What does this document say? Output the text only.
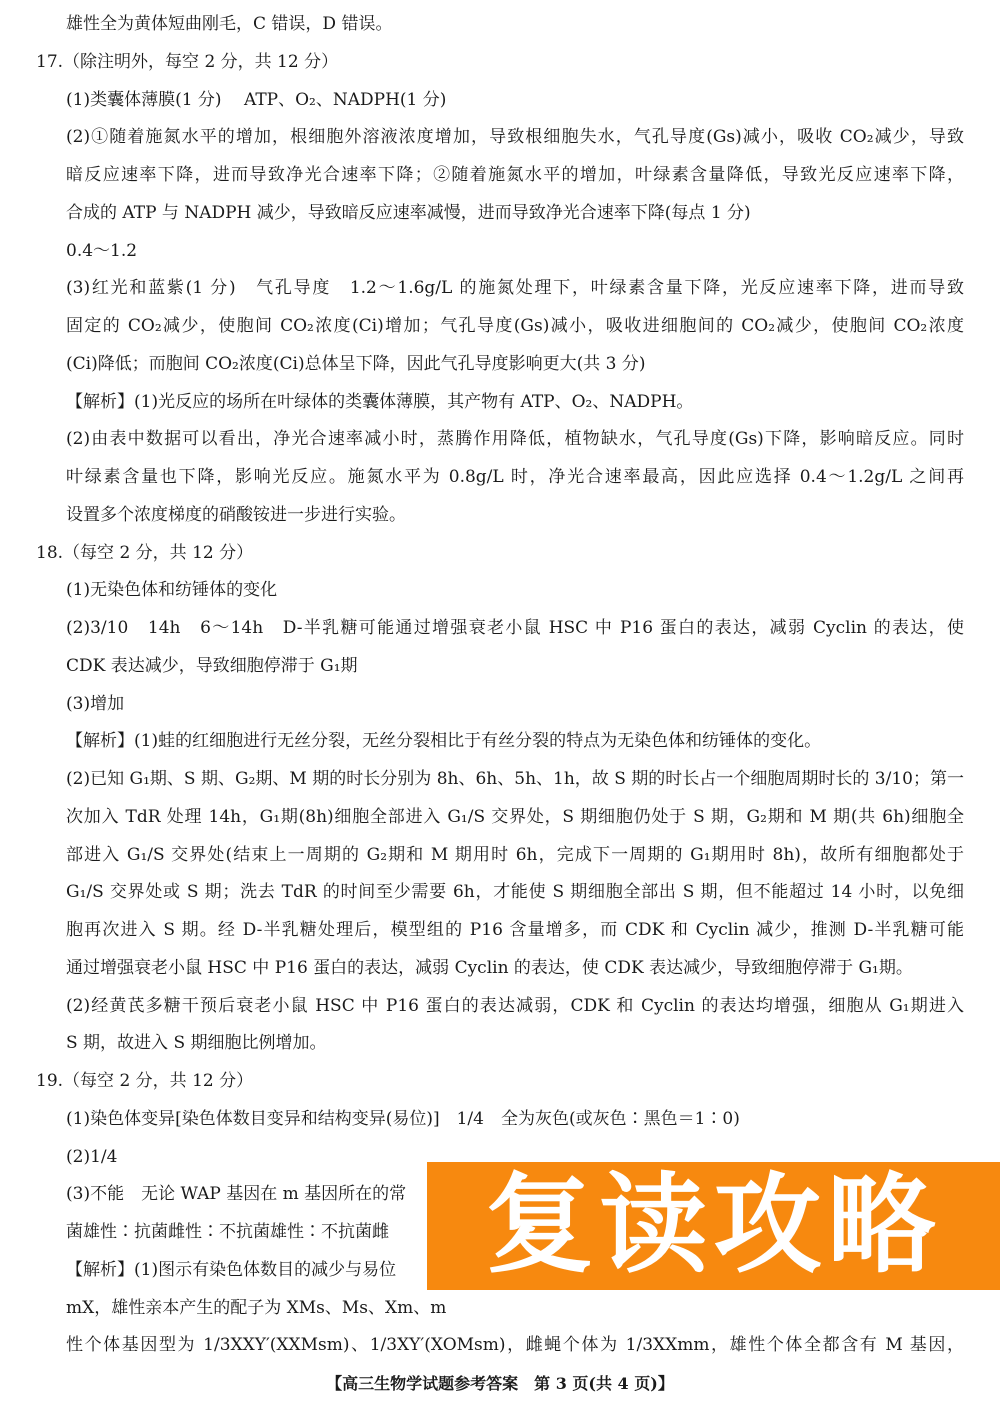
雄性全为黄体短曲刚毛，C 错误，D 错误。
17.（除注明外，每空 2 分，共 12 分）
(1)类囊体薄膜(1 分)　 ATP、O₂、NADPH(1 分)
(2)①随着施氮水平的增加，根细胞外溶液浓度增加，导致根细胞失水，气孔导度(Gs)减小，吸收 CO₂减少，导致
暗反应速率下降，进而导致净光合速率下降；②随着施氮水平的增加，叶绿素含量降低，导致光反应速率下降，
合成的 ATP 与 NADPH 减少，导致暗反应速率减慢，进而导致净光合速率下降(每点 1 分)
0.4～1.2
(3)红光和蓝紫(1 分)　气孔导度　1.2～1.6g/L 的施氮处理下，叶绿素含量下降，光反应速率下降，进而导致
固定的 CO₂减少，使胞间 CO₂浓度(Ci)增加；气孔导度(Gs)减小，吸收进细胞间的 CO₂减少，使胞间 CO₂浓度
(Ci)降低；而胞间 CO₂浓度(Ci)总体呈下降，因此气孔导度影响更大(共 3 分)
【解析】(1)光反应的场所在叶绿体的类囊体薄膜，其产物有 ATP、O₂、NADPH。
(2)由表中数据可以看出，净光合速率减小时，蒸腾作用降低，植物缺水，气孔导度(Gs)下降，影响暗反应。同时
叶绿素含量也下降，影响光反应。施氮水平为 0.8g/L 时，净光合速率最高，因此应选择 0.4～1.2g/L 之间再
设置多个浓度梯度的硝酸铵进一步进行实验。
18.（每空 2 分，共 12 分）
(1)无染色体和纺锤体的变化
(2)3/10　14h　6～14h　D-半乳糖可能通过增强衰老小鼠 HSC 中 P16 蛋白的表达，减弱 Cyclin 的表达，使
CDK 表达减少，导致细胞停滞于 G₁期
(3)增加
【解析】(1)蛙的红细胞进行无丝分裂，无丝分裂相比于有丝分裂的特点为无染色体和纺锤体的变化。
(2)已知 G₁期、S 期、G₂期、M 期的时长分别为 8h、6h、5h、1h，故 S 期的时长占一个细胞周期时长的 3/10；第一
次加入 TdR 处理 14h，G₁期(8h)细胞全部进入 G₁/S 交界处，S 期细胞仍处于 S 期，G₂期和 M 期(共 6h)细胞全
部进入 G₁/S 交界处(结束上一周期的 G₂期和 M 期用时 6h，完成下一周期的 G₁期用时 8h)，故所有细胞都处于
G₁/S 交界处或 S 期；洗去 TdR 的时间至少需要 6h，才能使 S 期细胞全部出 S 期，但不能超过 14 小时，以免细
胞再次进入 S 期。经 D-半乳糖处理后，模型组的 P16 含量增多，而 CDK 和 Cyclin 减少，推测 D-半乳糖可能
通过增强衰老小鼠 HSC 中 P16 蛋白的表达，减弱 Cyclin 的表达，使 CDK 表达减少，导致细胞停滞于 G₁期。
(2)经黄芪多糖干预后衰老小鼠 HSC 中 P16 蛋白的表达减弱，CDK 和 Cyclin 的表达均增强，细胞从 G₁期进入
S 期，故进入 S 期细胞比例增加。
19.（每空 2 分，共 12 分）
(1)染色体变异[染色体数目变异和结构变异(易位)]　1/4　全为灰色(或灰色∶黑色＝1∶0)
(2)1/4
(3)不能　无论 WAP 基因在 m 基因所在的常
菌雄性∶抗菌雌性∶不抗菌雄性∶不抗菌雌
【解析】(1)图示有染色体数目的减少与易位
mX，雄性亲本产生的配子为 XMs、Ms、Xm、m
性个体基因型为 1/3XXY′(XXMsm)、1/3XY′(XOMsm)，雌蝇个体为 1/3XXmm，雄性个体全都含有 M 基因，
【高三生物学试题参考答案　第 3 页(共 4 页)】
复读攻略
